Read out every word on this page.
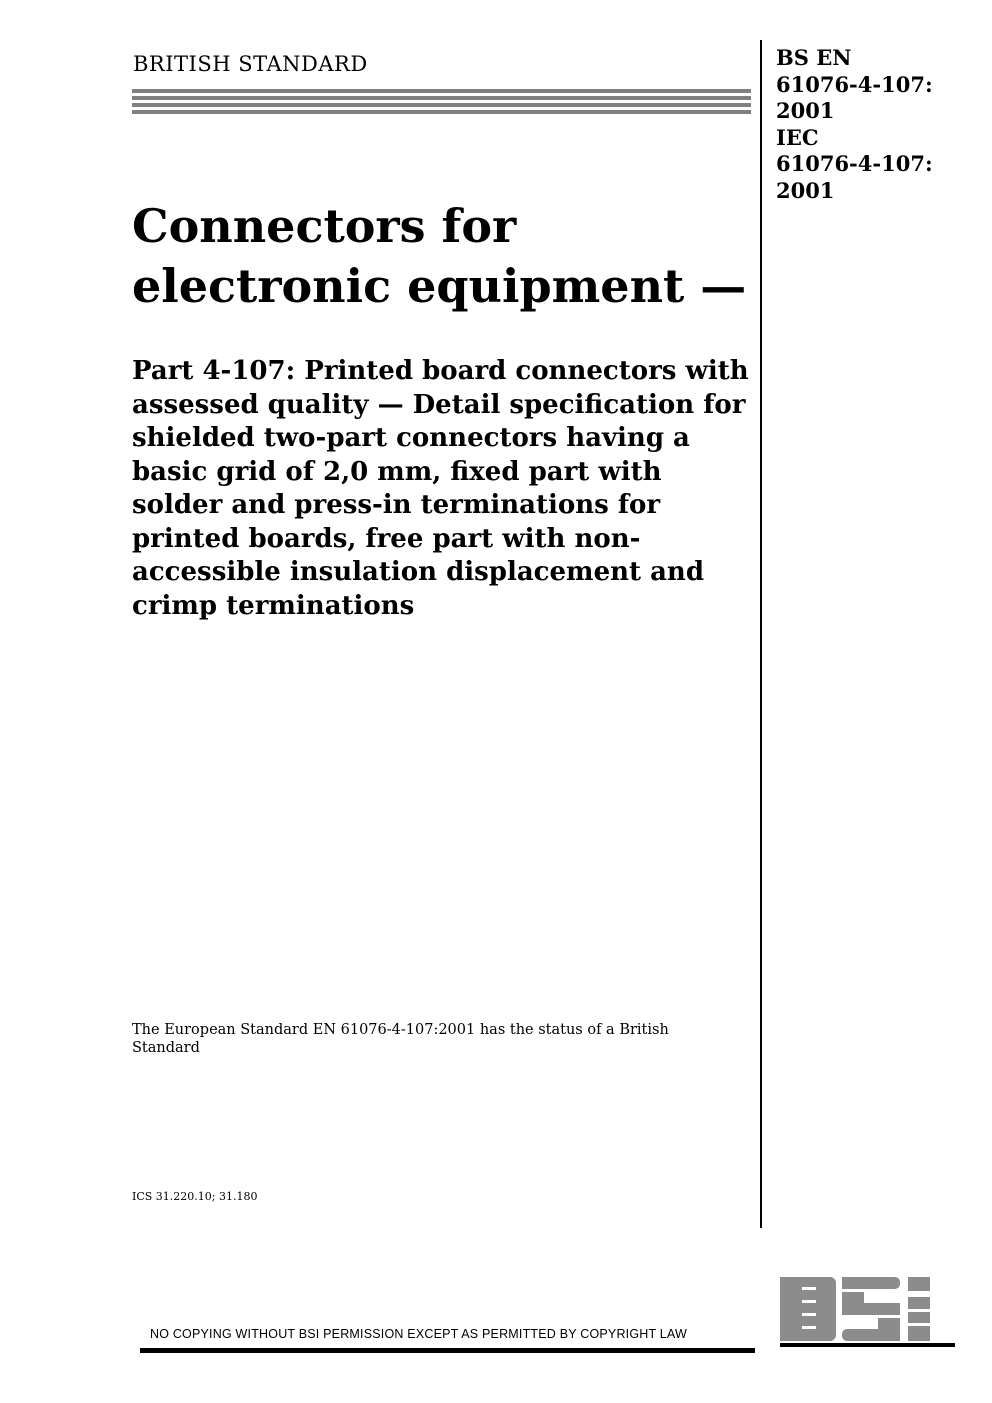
BRITISH STANDARD	BS EN
61076-4-107:
2001
IEC
61076-4-107:
2001
Connectors for
electronic equipment —
Part 4-107: Printed board connectors with assessed quality — Detail specification for shielded two-part connectors having a basic grid of 2,0 mm, fixed part with solder and press-in terminations for printed boards, free part with non-accessible insulation displacement and crimp terminations
The European Standard EN 61076-4-107:2001 has the status of a British Standard
ICS 31.220.10; 31.180
NO COPYING WITHOUT BSI PERMISSION EXCEPT AS PERMITTED BY COPYRIGHT LAW
